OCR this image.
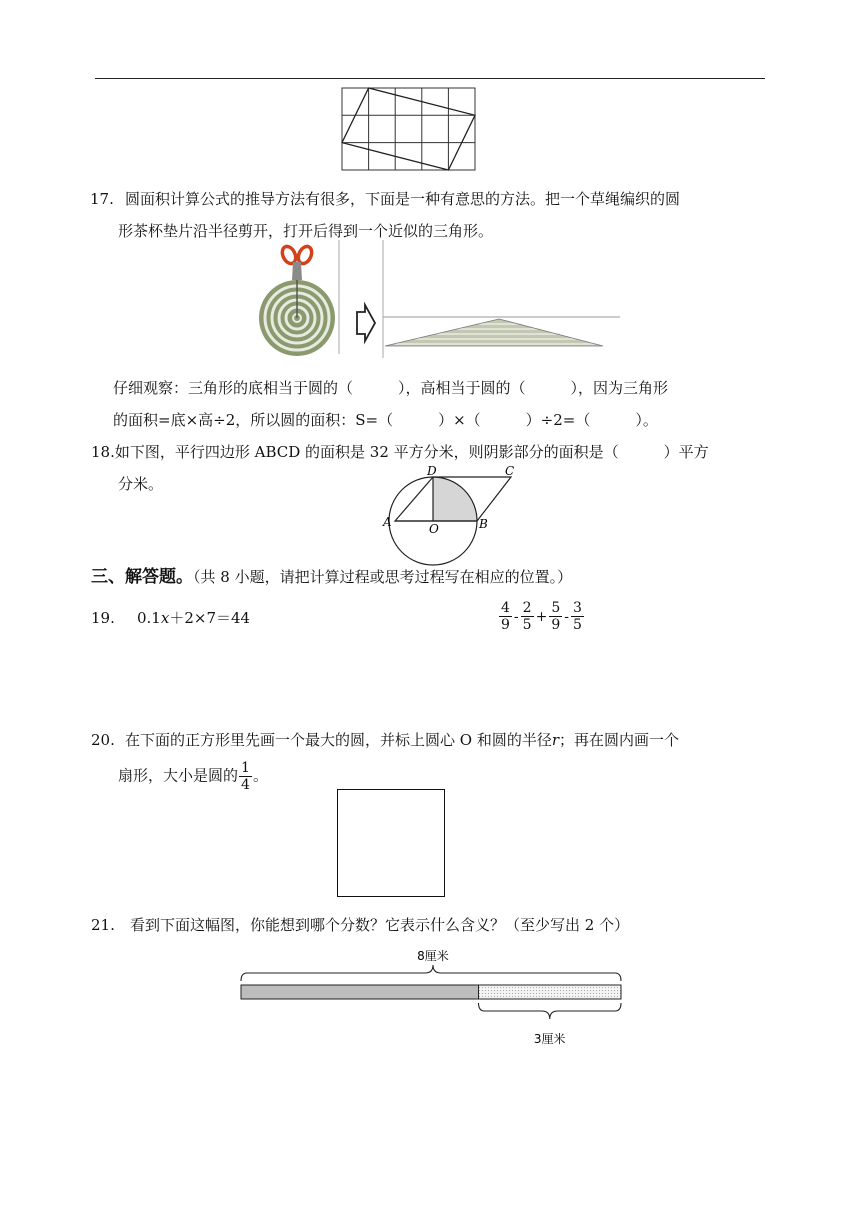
17. 圆面积计算公式的推导方法有很多，下面是一种有意思的方法。把一个草绳编织的圆
形茶杯垫片沿半径剪开，打开后得到一个近似的三角形。
仔细观察：三角形的底相当于圆的（　　　），高相当于圆的（　　　），因为三角形
的面积=底×高÷2，所以圆的面积：S=（　　　）×（　　　）÷2=（　　　）。
18.如下图，平行四边形 ABCD 的面积是 32 平方分米，则阴影部分的面积是（　　　）平方
分米。
A
D	C
B
O
三、解答题。（共 8 小题，请把计算过程或思考过程写在相应的位置。）
19. 0.1x＋2×7＝44	$\frac{4}{9} - \frac{2}{5} + \frac{5}{9} - \frac{3}{5}$
20. 在下面的正方形里先画一个最大的圆，并标上圆心 O 和圆的半径r；再在圆内画一个
扇形，大小是圆的 $\frac{1}{4}$ 。
21. 看到下面这幅图，你能想到哪个分数？它表示什么含义？（至少写出 2 个）
8厘米
3厘米
